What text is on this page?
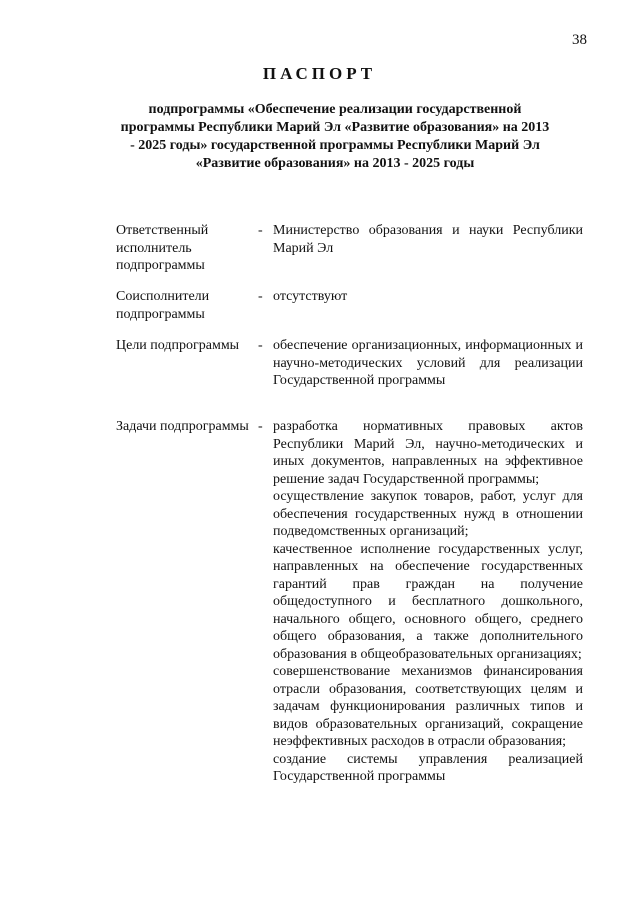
38
ПАСПОРТ
подпрограммы «Обеспечение реализации государственной программы Республики Марий Эл «Развитие образования» на 2013 - 2025 годы» государственной программы Республики Марий Эл «Развитие образования» на 2013 - 2025 годы
Ответственный исполнитель подпрограммы
- Министерство образования и науки Республики Марий Эл

Соисполнители подпрограммы
- отсутствуют

Цели подпрограммы	- обеспечение организационных, информационных и научно-методических условий для реализации Государственной программы

Задачи подпрограммы - разработка нормативных правовых актов Республики Марий Эл, научно-методических и иных документов, направленных на эффективное решение задач Государственной программы;

осуществление закупок товаров, работ, услуг для обеспечения государственных нужд в отношении подведомственных организаций;

качественное исполнение государственных услуг, направленных на обеспечение государственных гарантий прав граждан на получение общедоступного и бесплатного дошкольного, начального общего, основного общего, среднего общего образования, а также дополнительного образования в общеобразовательных организациях;

совершенствование механизмов финансирования отрасли образования, соответствующих целям и задачам функционирования различных типов и видов образовательных организаций, сокращение неэффективных расходов в отрасли образования;

создание системы управления реализацией Государственной программы
